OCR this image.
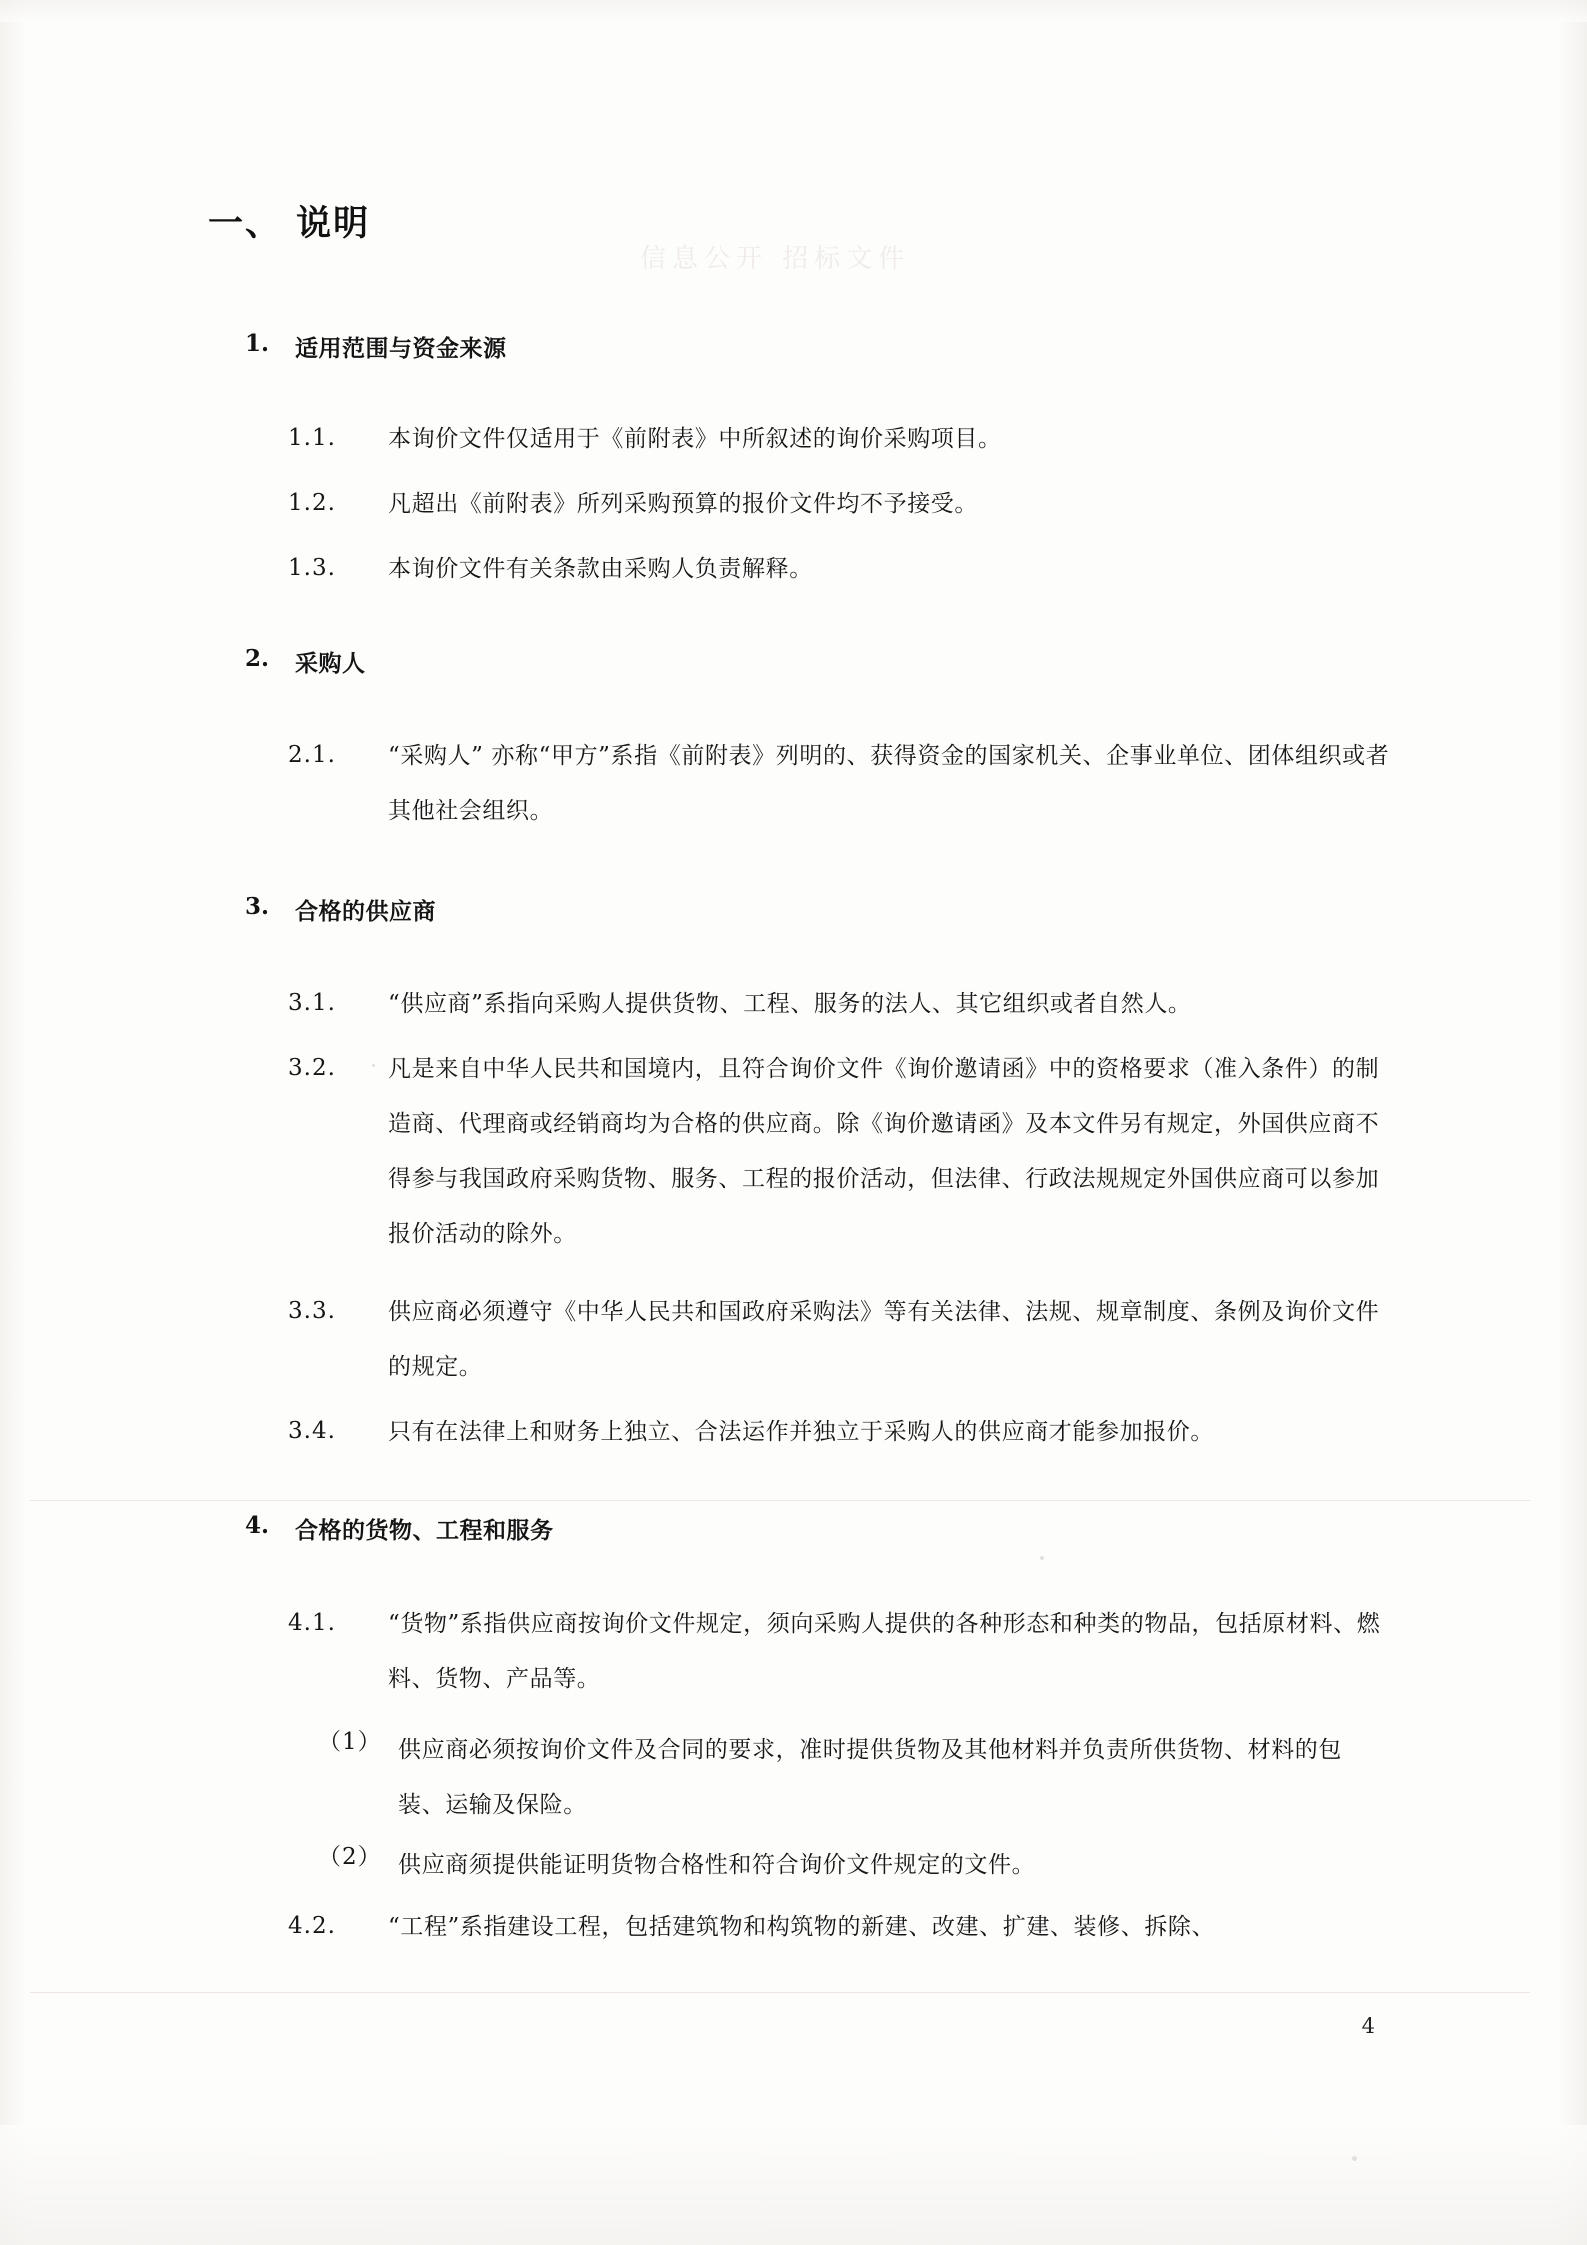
信息公开 招标文件
一、 说明
1. 适用范围与资金来源
1.1. 本询价文件仅适用于《前附表》中所叙述的询价采购项目。
1.2. 凡超出《前附表》所列采购预算的报价文件均不予接受。
1.3. 本询价文件有关条款由采购人负责解释。
2. 采购人
2.1. “采购人” 亦称“甲方”系指《前附表》列明的、获得资金的国家机关、企事业单位、团体组织或者其他社会组织。
3. 合格的供应商
3.1. “供应商”系指向采购人提供货物、工程、服务的法人、其它组织或者自然人。
3.2. 凡是来自中华人民共和国境内，且符合询价文件《询价邀请函》中的资格要求（准入条件）的制造商、代理商或经销商均为合格的供应商。除《询价邀请函》及本文件另有规定，外国供应商不得参与我国政府采购货物、服务、工程的报价活动，但法律、行政法规规定外国供应商可以参加报价活动的除外。
3.3. 供应商必须遵守《中华人民共和国政府采购法》等有关法律、法规、规章制度、条例及询价文件的规定。
3.4. 只有在法律上和财务上独立、合法运作并独立于采购人的供应商才能参加报价。
4. 合格的货物、工程和服务
4.1. “货物”系指供应商按询价文件规定，须向采购人提供的各种形态和种类的物品，包括原材料、燃料、货物、产品等。
（1） 供应商必须按询价文件及合同的要求，准时提供货物及其他材料并负责所供货物、材料的包装、运输及保险。
（2） 供应商须提供能证明货物合格性和符合询价文件规定的文件。
4.2. “工程”系指建设工程，包括建筑物和构筑物的新建、改建、扩建、装修、拆除、
4
